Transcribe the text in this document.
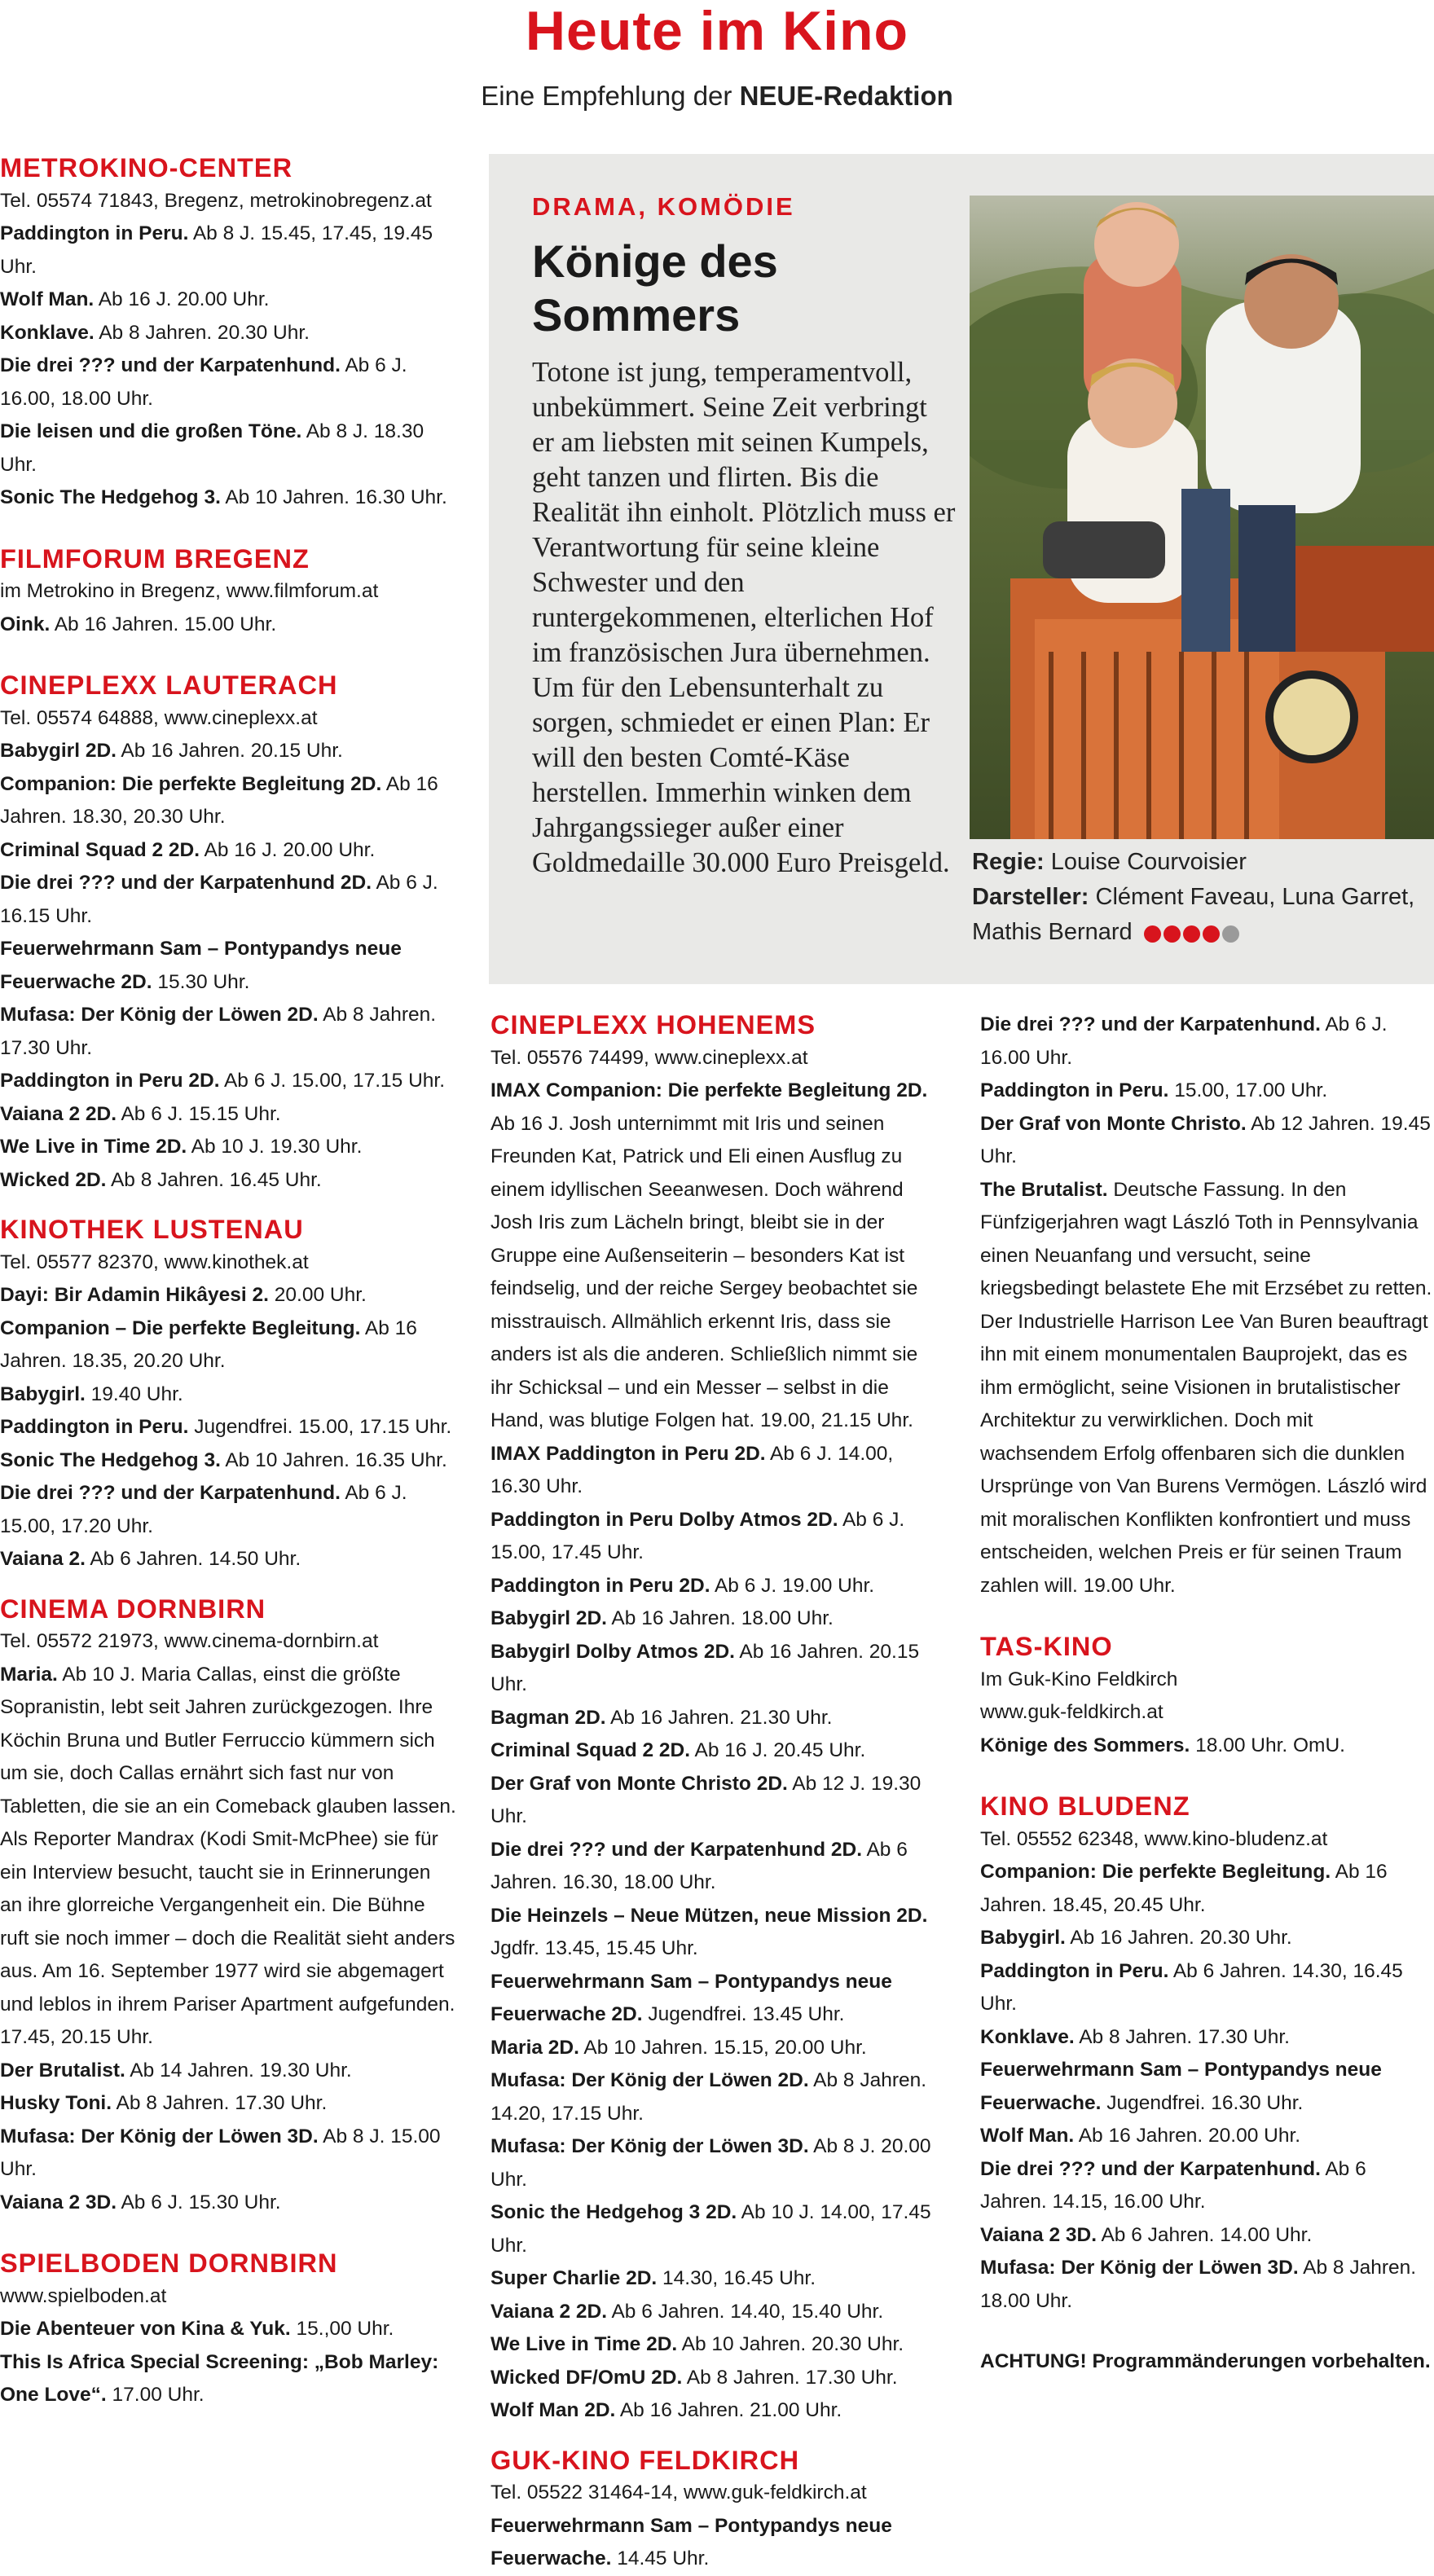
Heute im Kino
Eine Empfehlung der NEUE-Redaktion
METROKINO-CENTER
Tel. 05574 71843, Bregenz, metrokinobregenz.at
Paddington in Peru. Ab 8 J. 15.45, 17.45, 19.45 Uhr.
Wolf Man. Ab 16 J. 20.00 Uhr.
Konklave. Ab 8 Jahren. 20.30 Uhr.
Die drei ??? und der Karpatenhund. Ab 6 J. 16.00, 18.00 Uhr.
Die leisen und die großen Töne. Ab 8 J. 18.30 Uhr.
Sonic The Hedgehog 3. Ab 10 Jahren. 16.30 Uhr.
FILMFORUM BREGENZ
im Metrokino in Bregenz, www.filmforum.at
Oink. Ab 16 Jahren. 15.00 Uhr.
CINEPLEXX LAUTERACH
Tel. 05574 64888, www.cineplexx.at
Babygirl 2D. Ab 16 Jahren. 20.15 Uhr.
Companion: Die perfekte Begleitung 2D. Ab 16 Jahren. 18.30, 20.30 Uhr.
Criminal Squad 2 2D. Ab 16 J. 20.00 Uhr.
Die drei ??? und der Karpatenhund 2D. Ab 6 J. 16.15 Uhr.
Feuerwehrmann Sam – Pontypandys neue Feuerwache 2D. 15.30 Uhr.
Mufasa: Der König der Löwen 2D. Ab 8 Jahren. 17.30 Uhr.
Paddington in Peru 2D. Ab 6 J. 15.00, 17.15 Uhr.
Vaiana 2 2D. Ab 6 J. 15.15 Uhr.
We Live in Time 2D. Ab 10 J. 19.30 Uhr.
Wicked 2D. Ab 8 Jahren. 16.45 Uhr.
KINOTHEK LUSTENAU
Tel. 05577 82370, www.kinothek.at
Dayi: Bir Adamin Hikâyesi 2. 20.00 Uhr.
Companion – Die perfekte Begleitung. Ab 16 Jahren. 18.35, 20.20 Uhr.
Babygirl. 19.40 Uhr.
Paddington in Peru. Jugendfrei. 15.00, 17.15 Uhr.
Sonic The Hedgehog 3. Ab 10 Jahren. 16.35 Uhr.
Die drei ??? und der Karpatenhund. Ab 6 J. 15.00, 17.20 Uhr.
Vaiana 2. Ab 6 Jahren. 14.50 Uhr.
CINEMA DORNBIRN
Tel. 05572 21973, www.cinema-dornbirn.at
Maria. Ab 10 J. Maria Callas, einst die größte Sopranistin, lebt seit Jahren zurückgezogen. Ihre Köchin Bruna und Butler Ferruccio kümmern sich um sie, doch Callas ernährt sich fast nur von Tabletten, die sie an ein Comeback glauben lassen. Als Reporter Mandrax (Kodi Smit-McPhee) sie für ein Interview besucht, taucht sie in Erinnerungen an ihre glorreiche Vergangenheit ein. Die Bühne ruft sie noch immer – doch die Realität sieht anders aus. Am 16. September 1977 wird sie abgemagert und leblos in ihrem Pariser Apartment aufgefunden. 17.45, 20.15 Uhr.
Der Brutalist. Ab 14 Jahren. 19.30 Uhr.
Husky Toni. Ab 8 Jahren. 17.30 Uhr.
Mufasa: Der König der Löwen 3D. Ab 8 J. 15.00 Uhr.
Vaiana 2 3D. Ab 6 J. 15.30 Uhr.
SPIELBODEN DORNBIRN
www.spielboden.at
Die Abenteuer von Kina & Yuk. 15.,00 Uhr.
This Is Africa Special Screening: „Bob Marley: One Love“. 17.00 Uhr.
DRAMA, KOMÖDIE
Könige des Sommers
Totone ist jung, temperamentvoll, unbekümmert. Seine Zeit verbringt er am liebsten mit seinen Kumpels, geht tanzen und flirten. Bis die Realität ihn einholt. Plötzlich muss er Verantwortung für seine kleine Schwester und den runtergekommenen, elterlichen Hof im französischen Jura übernehmen. Um für den Lebensunterhalt zu sorgen, schmiedet er einen Plan: Er will den besten Comté-Käse herstellen. Immerhin winken dem Jahrgangssieger außer einer Goldmedaille 30.000 Euro Preisgeld. Regie: Louise Courvoisier
Darsteller: Clément Faveau, Luna Garret, Mathis Bernard
CINEPLEXX HOHENEMS
Tel. 05576 74499, www.cineplexx.at
IMAX Companion: Die perfekte Begleitung 2D. Ab 16 J. Josh unternimmt mit Iris und seinen Freunden Kat, Patrick und Eli einen Ausflug zu einem idyllischen Seeanwesen. Doch während Josh Iris zum Lächeln bringt, bleibt sie in der Gruppe eine Außenseiterin – besonders Kat ist feindselig, und der reiche Sergey beobachtet sie misstrauisch. Allmählich erkennt Iris, dass sie anders ist als die anderen. Schließlich nimmt sie ihr Schicksal – und ein Messer – selbst in die Hand, was blutige Folgen hat. 19.00, 21.15 Uhr.
IMAX Paddington in Peru 2D. Ab 6 J. 14.00, 16.30 Uhr.
Paddington in Peru Dolby Atmos 2D. Ab 6 J. 15.00, 17.45 Uhr.
Paddington in Peru 2D. Ab 6 J. 19.00 Uhr.
Babygirl 2D. Ab 16 Jahren. 18.00 Uhr.
Babygirl Dolby Atmos 2D. Ab 16 Jahren. 20.15 Uhr.
Bagman 2D. Ab 16 Jahren. 21.30 Uhr.
Criminal Squad 2 2D. Ab 16 J. 20.45 Uhr.
Der Graf von Monte Christo 2D. Ab 12 J. 19.30 Uhr.
Die drei ??? und der Karpatenhund 2D. Ab 6 Jahren. 16.30, 18.00 Uhr.
Die Heinzels – Neue Mützen, neue Mission 2D. Jgdfr. 13.45, 15.45 Uhr.
Feuerwehrmann Sam – Pontypandys neue Feuerwache 2D. Jugendfrei. 13.45 Uhr.
Maria 2D. Ab 10 Jahren. 15.15, 20.00 Uhr.
Mufasa: Der König der Löwen 2D. Ab 8 Jahren. 14.20, 17.15 Uhr.
Mufasa: Der König der Löwen 3D. Ab 8 J. 20.00 Uhr.
Sonic the Hedgehog 3 2D. Ab 10 J. 14.00, 17.45 Uhr.
Super Charlie 2D. 14.30, 16.45 Uhr.
Vaiana 2 2D. Ab 6 Jahren. 14.40, 15.40 Uhr.
We Live in Time 2D. Ab 10 Jahren. 20.30 Uhr.
Wicked DF/OmU 2D. Ab 8 Jahren. 17.30 Uhr.
Wolf Man 2D. Ab 16 Jahren. 21.00 Uhr.
GUK-KINO FELDKIRCH
Tel. 05522 31464-14, www.guk-feldkirch.at
Feuerwehrmann Sam – Pontypandys neue Feuerwache. 14.45 Uhr.
Die drei ??? und der Karpatenhund. Ab 6 J. 16.00 Uhr.
Paddington in Peru. 15.00, 17.00 Uhr.
Der Graf von Monte Christo. Ab 12 Jahren. 19.45 Uhr.
The Brutalist. Deutsche Fassung. In den Fünfzigerjahren wagt László Toth in Pennsylvania einen Neuanfang und versucht, seine kriegsbedingt belastete Ehe mit Erzsébet zu retten. Der Industrielle Harrison Lee Van Buren beauftragt ihn mit einem monumentalen Bauprojekt, das es ihm ermöglicht, seine Visionen in brutalistischer Architektur zu verwirklichen. Doch mit wachsendem Erfolg offenbaren sich die dunklen Ursprünge von Van Burens Vermögen. László wird mit moralischen Konflikten konfrontiert und muss entscheiden, welchen Preis er für seinen Traum zahlen will. 19.00 Uhr.
TAS-KINO
Im Guk-Kino Feldkirch
www.guk-feldkirch.at
Könige des Sommers. 18.00 Uhr. OmU.
KINO BLUDENZ
Tel. 05552 62348, www.kino-bludenz.at
Companion: Die perfekte Begleitung. Ab 16 Jahren. 18.45, 20.45 Uhr.
Babygirl. Ab 16 Jahren. 20.30 Uhr.
Paddington in Peru. Ab 6 Jahren. 14.30, 16.45 Uhr.
Konklave. Ab 8 Jahren. 17.30 Uhr.
Feuerwehrmann Sam – Pontypandys neue Feuerwache. Jugendfrei. 16.30 Uhr.
Wolf Man. Ab 16 Jahren. 20.00 Uhr.
Die drei ??? und der Karpatenhund. Ab 6 Jahren. 14.15, 16.00 Uhr.
Vaiana 2 3D. Ab 6 Jahren. 14.00 Uhr.
Mufasa: Der König der Löwen 3D. Ab 8 Jahren. 18.00 Uhr.
ACHTUNG! Programmänderungen vorbehalten.
